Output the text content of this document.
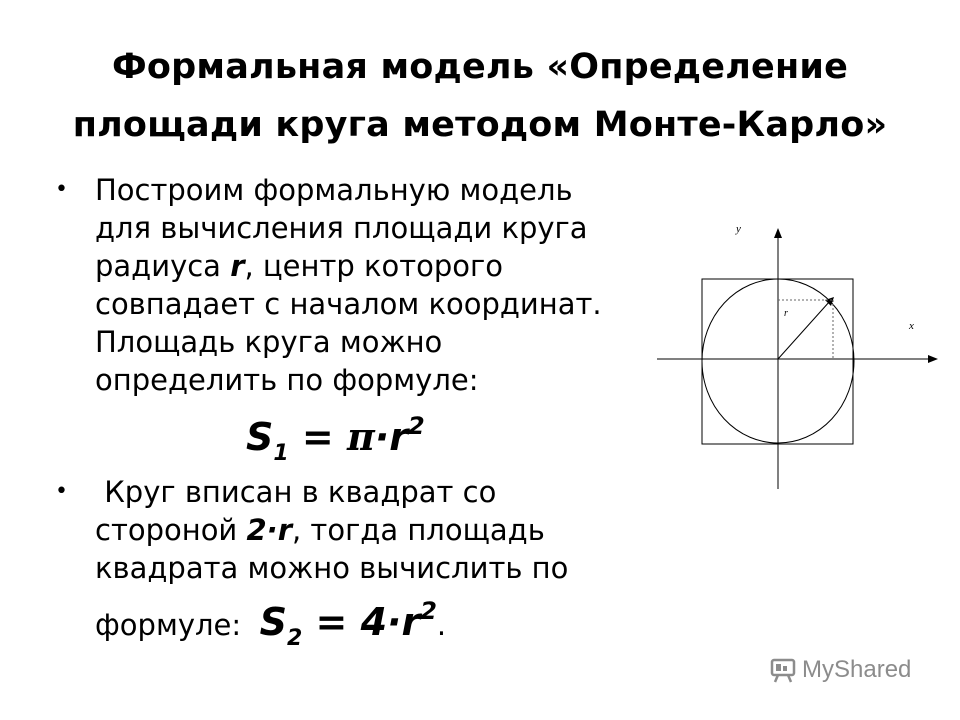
Формальная модель «Определение
площади круга методом Монте-Карло»
• Построим формальную модель
для вычисления площади круга
радиуса r, центр которого
совпадает с началом координат.
Площадь круга можно
определить по формуле:
$S_1 = \pi\cdot r^2$
• Круг вписан в квадрат со
стороной 2·r, тогда площадь
квадрата можно вычислить по
формуле:  $S_2 = 4\cdot r^2$.
y
x
r
MyShared
